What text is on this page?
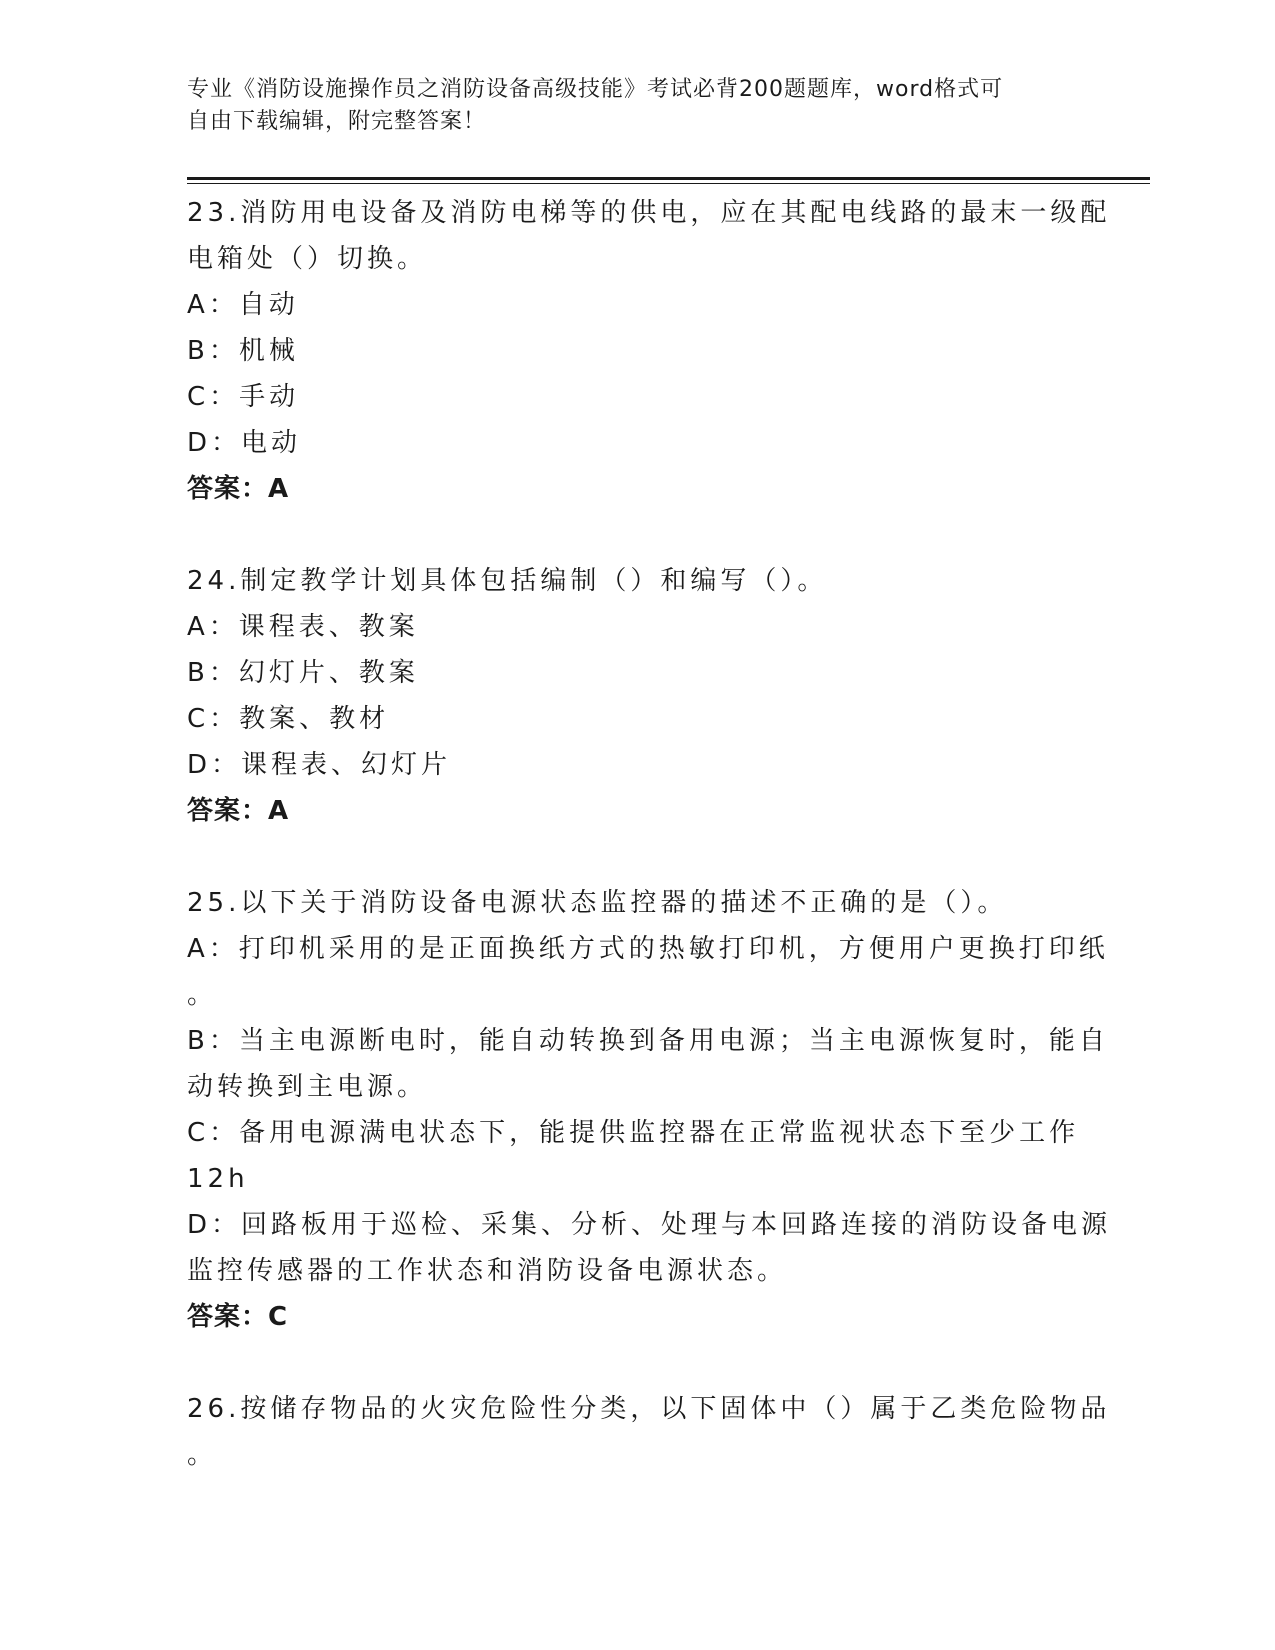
专业《消防设施操作员之消防设备高级技能》考试必背200题题库，word格式可
自由下载编辑，附完整答案！
23.消防用电设备及消防电梯等的供电，应在其配电线路的最末一级配
电箱处（）切换。
A：自动
B：机械
C：手动
D：电动
答案：A
24.制定教学计划具体包括编制（）和编写（）。
A：课程表、教案
B：幻灯片、教案
C：教案、教材
D：课程表、幻灯片
答案：A
25.以下关于消防设备电源状态监控器的描述不正确的是（）。
A：打印机采用的是正面换纸方式的热敏打印机，方便用户更换打印纸
。
B：当主电源断电时，能自动转换到备用电源；当主电源恢复时，能自
动转换到主电源。
C：备用电源满电状态下，能提供监控器在正常监视状态下至少工作
12h
D：回路板用于巡检、采集、分析、处理与本回路连接的消防设备电源
监控传感器的工作状态和消防设备电源状态。
答案：C
26.按储存物品的火灾危险性分类，以下固体中（）属于乙类危险物品
。
